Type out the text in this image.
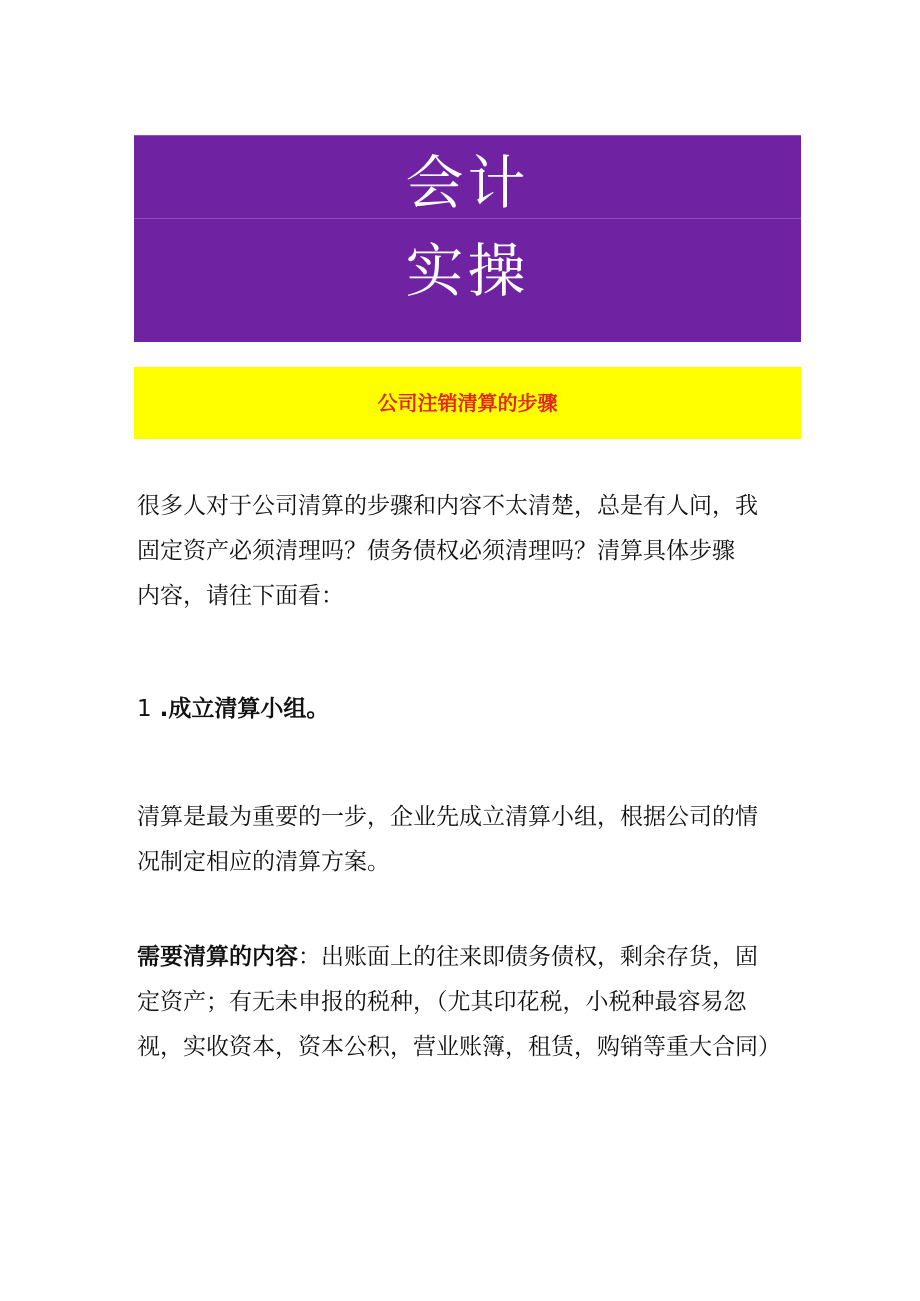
会计
实操
公司注销清算的步骤
很多人对于公司清算的步骤和内容不太清楚，总是有人问，我
固定资产必须清理吗？债务债权必须清理吗？清算具体步骤
内容，请往下面看：
1 .成立清算小组。
清算是最为重要的一步，企业先成立清算小组，根据公司的情
况制定相应的清算方案。
需要清算的内容：出账面上的往来即债务债权，剩余存货，固
定资产；有无未申报的税种，（尤其印花税，小税种最容易忽
视，实收资本，资本公积，营业账簿，租赁，购销等重大合同）
